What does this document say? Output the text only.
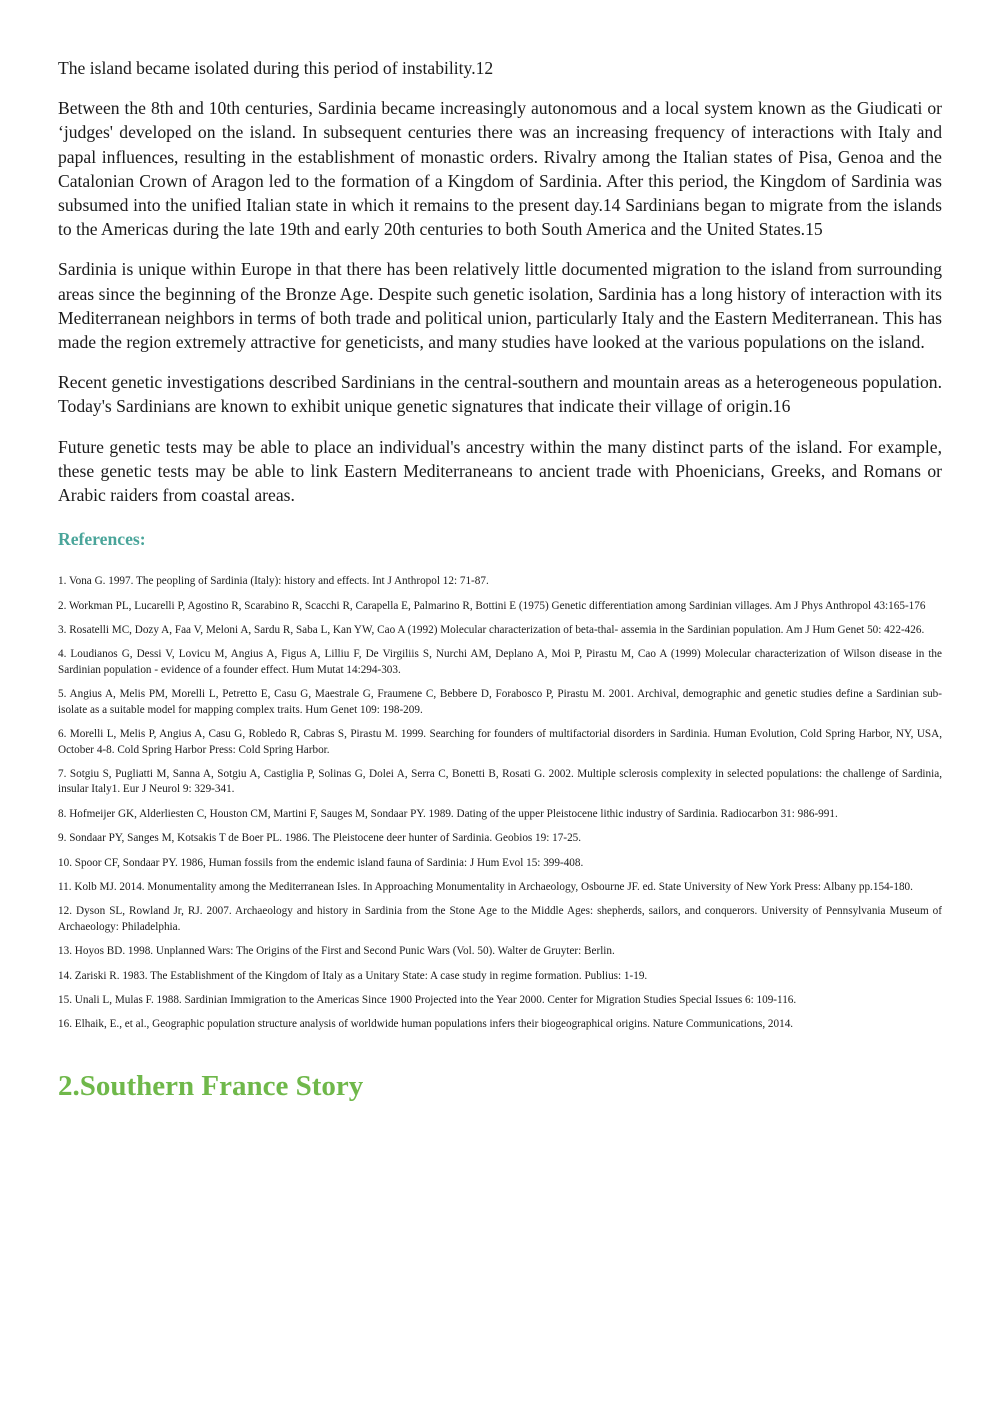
The island became isolated during this period of instability.12

Between the 8th and 10th centuries, Sardinia became increasingly autonomous and a local system known as the Giudicati or ‘judges' developed on the island. In subsequent centuries there was an increasing frequency of interactions with Italy and papal influences, resulting in the establishment of monastic orders. Rivalry among the Italian states of Pisa, Genoa and the Catalonian Crown of Aragon led to the formation of a Kingdom of Sardinia. After this period, the Kingdom of Sardinia was subsumed into the unified Italian state in which it remains to the present day.14 Sardinians began to migrate from the islands to the Americas during the late 19th and early 20th centuries to both South America and the United States.15

Sardinia is unique within Europe in that there has been relatively little documented migration to the island from surrounding areas since the beginning of the Bronze Age. Despite such genetic isolation, Sardinia has a long history of interaction with its Mediterranean neighbors in terms of both trade and political union, particularly Italy and the Eastern Mediterranean. This has made the region extremely attractive for geneticists, and many studies have looked at the various populations on the island.

Recent genetic investigations described Sardinians in the central-southern and mountain areas as a heterogeneous population. Today's Sardinians are known to exhibit unique genetic signatures that indicate their village of origin.16

Future genetic tests may be able to place an individual's ancestry within the many distinct parts of the island. For example, these genetic tests may be able to link Eastern Mediterraneans to ancient trade with Phoenicians, Greeks, and Romans or Arabic raiders from coastal areas.

References:

1. Vona G. 1997. The peopling of Sardinia (Italy): history and effects. Int J Anthropol 12: 71-87.

2. Workman PL, Lucarelli P, Agostino R, Scarabino R, Scacchi R, Carapella E, Palmarino R, Bottini E (1975) Genetic differentiation among Sardinian villages. Am J Phys Anthropol 43:165-176

3. Rosatelli MC, Dozy A, Faa V, Meloni A, Sardu R, Saba L, Kan YW, Cao A (1992) Molecular characterization of beta-thal- assemia in the Sardinian population. Am J Hum Genet 50: 422-426.

4. Loudianos G, Dessi V, Lovicu M, Angius A, Figus A, Lilliu F, De Virgiliis S, Nurchi AM, Deplano A, Moi P, Pirastu M, Cao A (1999) Molecular characterization of Wilson disease in the Sardinian population - evidence of a founder effect. Hum Mutat 14:294-303.

5. Angius A, Melis PM, Morelli L, Petretto E, Casu G, Maestrale G, Fraumene C, Bebbere D, Forabosco P, Pirastu M. 2001. Archival, demographic and genetic studies define a Sardinian sub-isolate as a suitable model for mapping complex traits. Hum Genet 109: 198-209.

6. Morelli L, Melis P, Angius A, Casu G, Robledo R, Cabras S, Pirastu M. 1999. Searching for founders of multifactorial disorders in Sardinia. Human Evolution, Cold Spring Harbor, NY, USA, October 4-8. Cold Spring Harbor Press: Cold Spring Harbor.

7. Sotgiu S, Pugliatti M, Sanna A, Sotgiu A, Castiglia P, Solinas G, Dolei A, Serra C, Bonetti B, Rosati G. 2002. Multiple sclerosis complexity in selected populations: the challenge of Sardinia, insular Italy1. Eur J Neurol 9: 329-341.

8. Hofmeijer GK, Alderliesten C, Houston CM, Martini F, Sauges M, Sondaar PY. 1989. Dating of the upper Pleistocene lithic industry of Sardinia. Radiocarbon 31: 986-991.

9. Sondaar PY, Sanges M, Kotsakis T de Boer PL. 1986. The Pleistocene deer hunter of Sardinia. Geobios 19: 17-25.

10. Spoor CF, Sondaar PY. 1986, Human fossils from the endemic island fauna of Sardinia: J Hum Evol 15: 399-408.

11. Kolb MJ. 2014. Monumentality among the Mediterranean Isles. In Approaching Monumentality in Archaeology, Osbourne JF. ed. State University of New York Press: Albany pp.154-180.

12. Dyson SL, Rowland Jr, RJ. 2007. Archaeology and history in Sardinia from the Stone Age to the Middle Ages: shepherds, sailors, and conquerors. University of Pennsylvania Museum of Archaeology: Philadelphia.

13. Hoyos BD. 1998. Unplanned Wars: The Origins of the First and Second Punic Wars (Vol. 50). Walter de Gruyter: Berlin.

14. Zariski R. 1983. The Establishment of the Kingdom of Italy as a Unitary State: A case study in regime formation. Publius: 1-19.

15. Unali L, Mulas F. 1988. Sardinian Immigration to the Americas Since 1900 Projected into the Year 2000. Center for Migration Studies Special Issues 6: 109-116.

16. Elhaik, E., et al., Geographic population structure analysis of worldwide human populations infers their biogeographical origins. Nature Communications, 2014.

2.Southern France Story
